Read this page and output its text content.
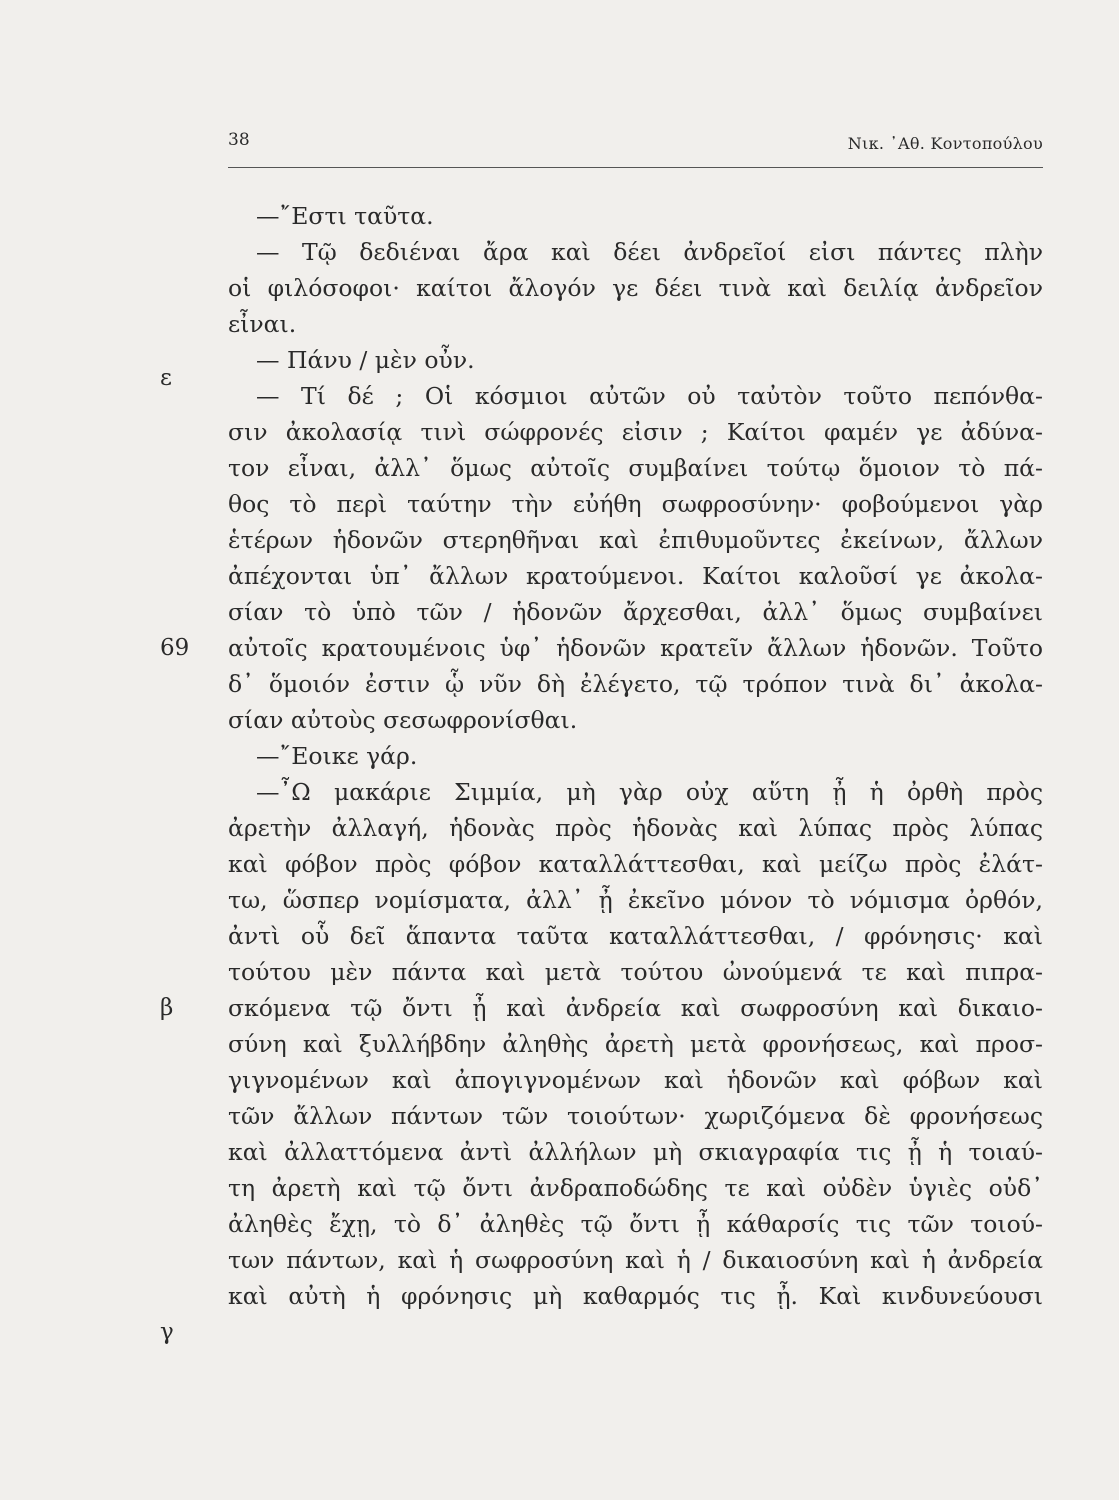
38	Νικ. ᾿Αθ. Κοντοπούλου
ε
69
β
γ
—῎Εστι ταῦτα.
— Τῷ δεδιέναι ἄρα καὶ δέει ἀνδρεῖοί εἰσι πάντες πλὴν
οἱ φιλόσοφοι· καίτοι ἄλογόν γε δέει τινὰ καὶ δειλίᾳ ἀνδρεῖον
εἶναι.
— Πάνυ / μὲν οὖν.
— Τί δέ ; Οἱ κόσμιοι αὐτῶν οὐ ταὐτὸν τοῦτο πεπόνθα-
σιν ἀκολασίᾳ τινὶ σώφρονές εἰσιν ; Καίτοι φαμέν γε ἀδύνα-
τον εἶναι, ἀλλ᾿ ὅμως αὐτοῖς συμβαίνει τούτῳ ὅμοιον τὸ πά-
θος τὸ περὶ ταύτην τὴν εὐήθη σωφροσύνην· φοβούμενοι γὰρ
ἑτέρων ἡδονῶν στερηθῆναι καὶ ἐπιθυμοῦντες ἐκείνων, ἄλλων
ἀπέχονται ὑπ᾿ ἄλλων κρατούμενοι. Καίτοι καλοῦσί γε ἀκολα-
σίαν τὸ ὑπὸ τῶν / ἡδονῶν ἄρχεσθαι, ἀλλ᾿ ὅμως συμβαίνει
αὐτοῖς κρατουμένοις ὑφ᾿ ἡδονῶν κρατεῖν ἄλλων ἡδονῶν. Τοῦτο
δ᾿ ὅμοιόν ἐστιν ᾧ νῦν δὴ ἐλέγετο, τῷ τρόπον τινὰ δι᾿ ἀκολα-
σίαν αὐτοὺς σεσωφρονίσθαι.
—῎Εοικε γάρ.
—῏Ω μακάριε Σιμμία, μὴ γὰρ οὐχ αὕτη ᾖ ἡ ὀρθὴ πρὸς
ἀρετὴν ἀλλαγή, ἡδονὰς πρὸς ἡδονὰς καὶ λύπας πρὸς λύπας
καὶ φόβον πρὸς φόβον καταλλάττεσθαι, καὶ μείζω πρὸς ἐλάτ-
τω, ὥσπερ νομίσματα, ἀλλ᾿ ᾖ ἐκεῖνο μόνον τὸ νόμισμα ὀρθόν,
ἀντὶ οὗ δεῖ ἅπαντα ταῦτα καταλλάττεσθαι, / φρόνησις· καὶ
τούτου μὲν πάντα καὶ μετὰ τούτου ὠνούμενά τε καὶ πιπρα-
σκόμενα τῷ ὄντι ᾖ καὶ ἀνδρεία καὶ σωφροσύνη καὶ δικαιο-
σύνη καὶ ξυλλήβδην ἀληθὴς ἀρετὴ μετὰ φρονήσεως, καὶ προσ-
γιγνομένων καὶ ἀπογιγνομένων καὶ ἡδονῶν καὶ φόβων καὶ
τῶν ἄλλων πάντων τῶν τοιούτων· χωριζόμενα δὲ φρονήσεως
καὶ ἀλλαττόμενα ἀντὶ ἀλλήλων μὴ σκιαγραφία τις ᾖ ἡ τοιαύ-
τη ἀρετὴ καὶ τῷ ὄντι ἀνδραποδώδης τε καὶ οὐδὲν ὑγιὲς οὐδ᾿
ἀληθὲς ἔχῃ, τὸ δ᾿ ἀληθὲς τῷ ὄντι ᾖ κάθαρσίς τις τῶν τοιού-
των πάντων, καὶ ἡ σωφροσύνη καὶ ἡ / δικαιοσύνη καὶ ἡ ἀνδρεία
καὶ αὐτὴ ἡ φρόνησις μὴ καθαρμός τις ᾖ. Καὶ κινδυνεύουσι
